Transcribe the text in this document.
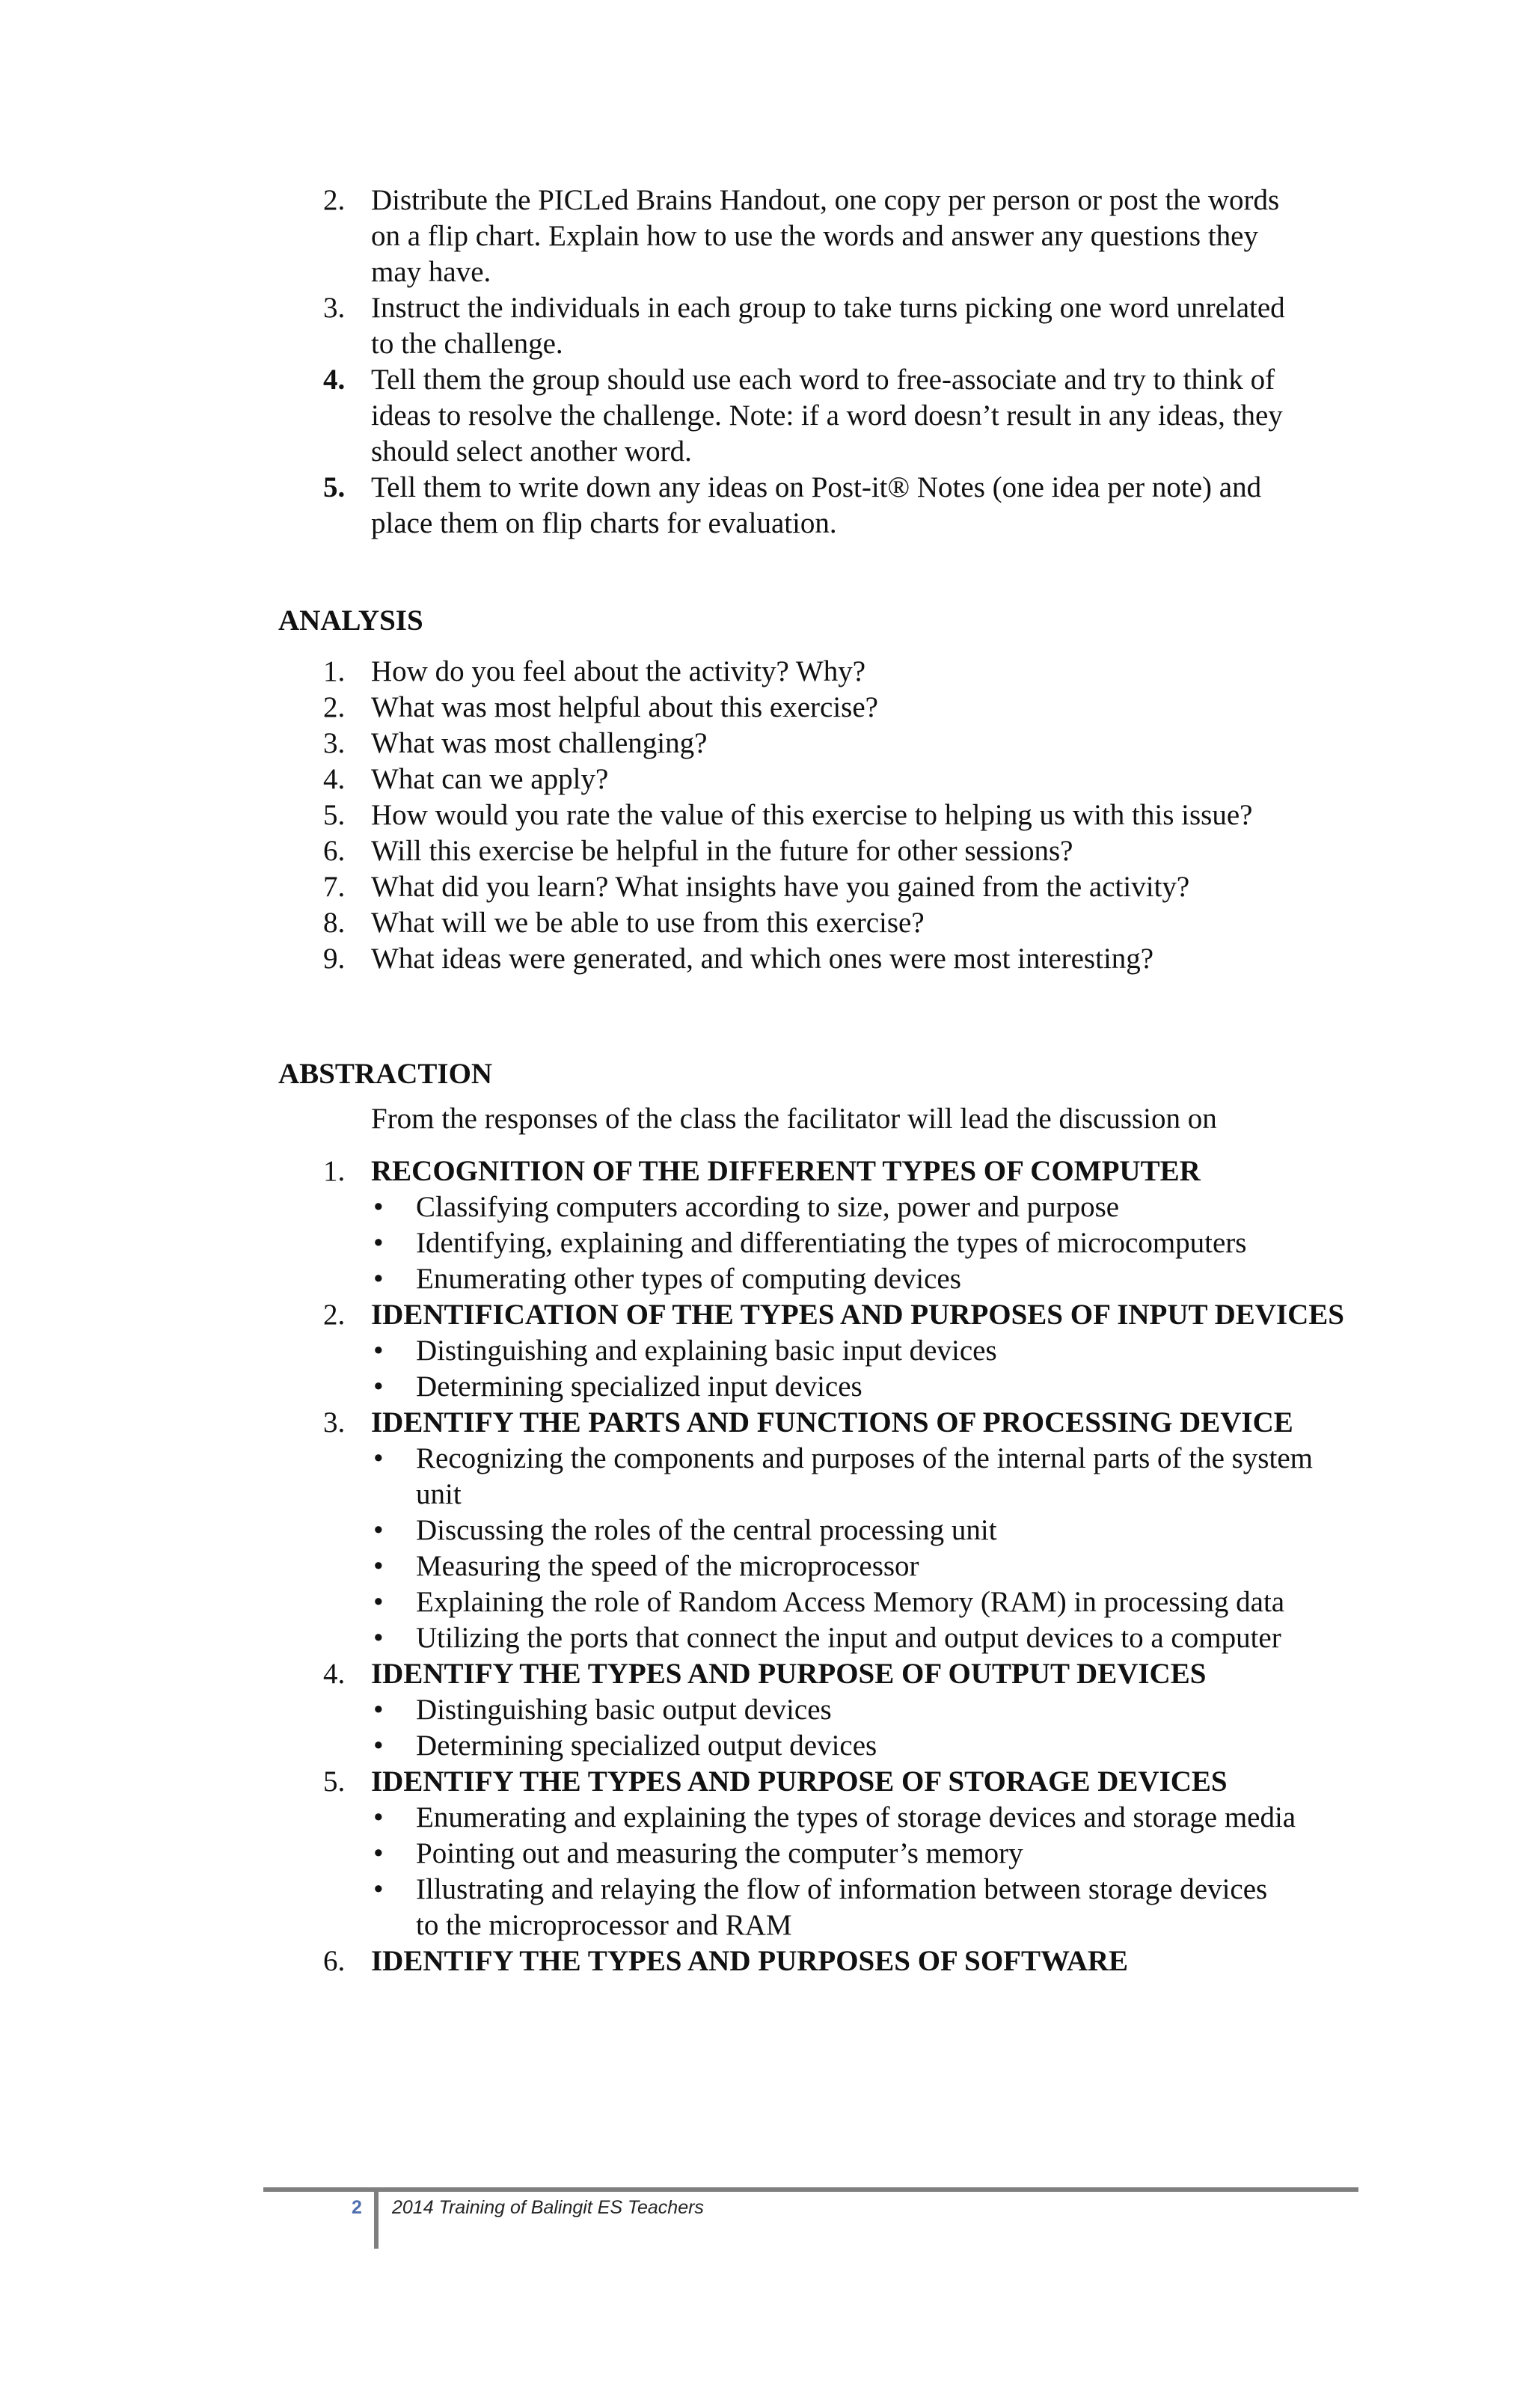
2. Distribute the PICLed Brains Handout, one copy per person or post the words on a flip chart. Explain how to use the words and answer any questions they may have.
3. Instruct the individuals in each group to take turns picking one word unrelated to the challenge.
4. Tell them the group should use each word to free-associate and try to think of ideas to resolve the challenge. Note: if a word doesn’t result in any ideas, they should select another word.
5. Tell them to write down any ideas on Post-it® Notes (one idea per note) and place them on flip charts for evaluation.
ANALYSIS
1. How do you feel about the activity? Why?
2. What was most helpful about this exercise?
3. What was most challenging?
4. What can we apply?
5. How would you rate the value of this exercise to helping us with this issue?
6. Will this exercise be helpful in the future for other sessions?
7. What did you learn? What insights have you gained from the activity?
8. What will we be able to use from this exercise?
9. What ideas were generated, and which ones were most interesting?
ABSTRACTION
From the responses of the class the facilitator will lead the discussion on
1. RECOGNITION OF THE DIFFERENT TYPES OF COMPUTER
• Classifying computers according to size, power and purpose
• Identifying, explaining and differentiating the types of microcomputers
• Enumerating other types of computing devices
2. IDENTIFICATION OF THE TYPES AND PURPOSES OF INPUT DEVICES
• Distinguishing and explaining basic input devices
• Determining specialized input devices
3. IDENTIFY THE PARTS AND FUNCTIONS OF PROCESSING DEVICE
• Recognizing the components and purposes of the internal parts of the system unit
• Discussing the roles of the central processing unit
• Measuring the speed of the microprocessor
• Explaining the role of Random Access Memory (RAM) in processing data
• Utilizing the ports that connect the input and output devices to a computer
4. IDENTIFY THE TYPES AND PURPOSE OF OUTPUT DEVICES
• Distinguishing basic output devices
• Determining specialized output devices
5. IDENTIFY THE TYPES AND PURPOSE OF STORAGE DEVICES
• Enumerating and explaining the types of storage devices and storage media
• Pointing out and measuring the computer’s memory
• Illustrating and relaying the flow of information between storage devices to the microprocessor and RAM
6. IDENTIFY THE TYPES AND PURPOSES OF SOFTWARE
2 2014 Training of Balingit ES Teachers
